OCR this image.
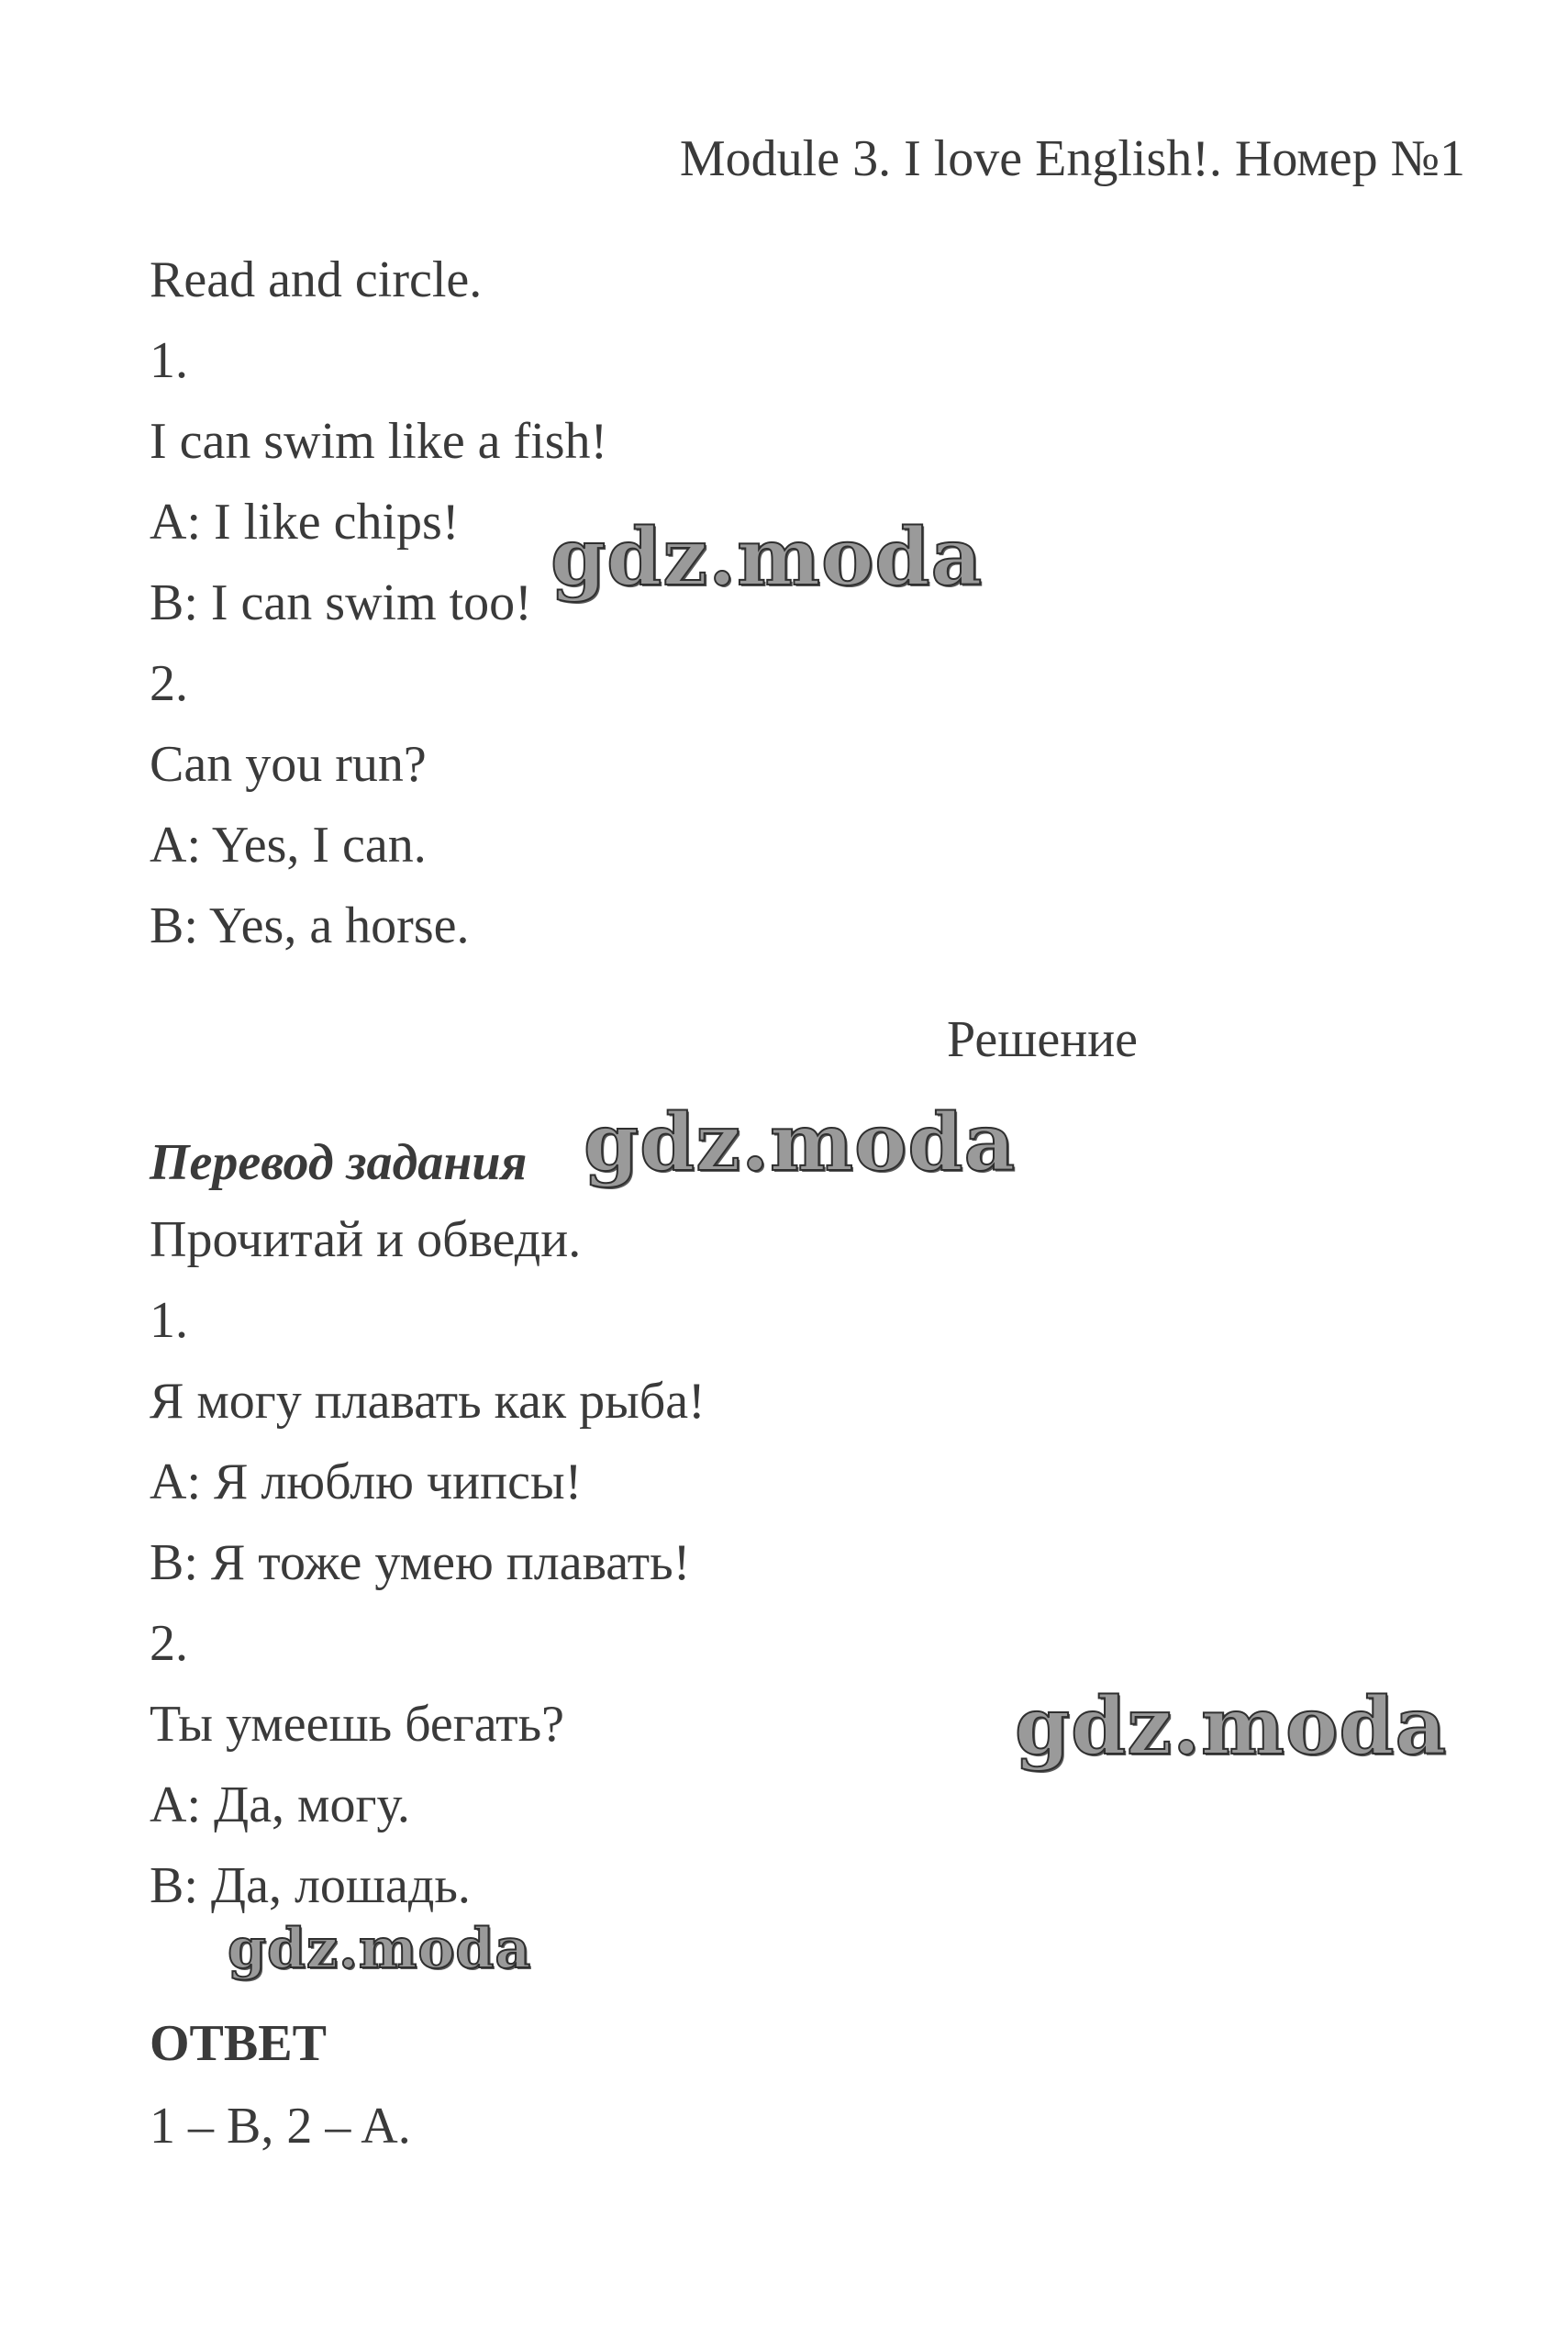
Module 3. I love English!. Номер №1
Read and circle.
1.
I can swim like a fish!
A: I like chips!
B: I can swim too!
2.
Can you run?
A: Yes, I can.
B: Yes, a horse.
Решение
Перевод задания
Прочитай и обведи.
1.
Я могу плавать как рыба!
А: Я люблю чипсы!
В: Я тоже умею плавать!
2.
Ты умеешь бегать?
А: Да, могу.
В: Да, лошадь.
ОТВЕТ
1 – B, 2 – A.
gdz.moda
gdz.moda
gdz.moda
gdz.moda
